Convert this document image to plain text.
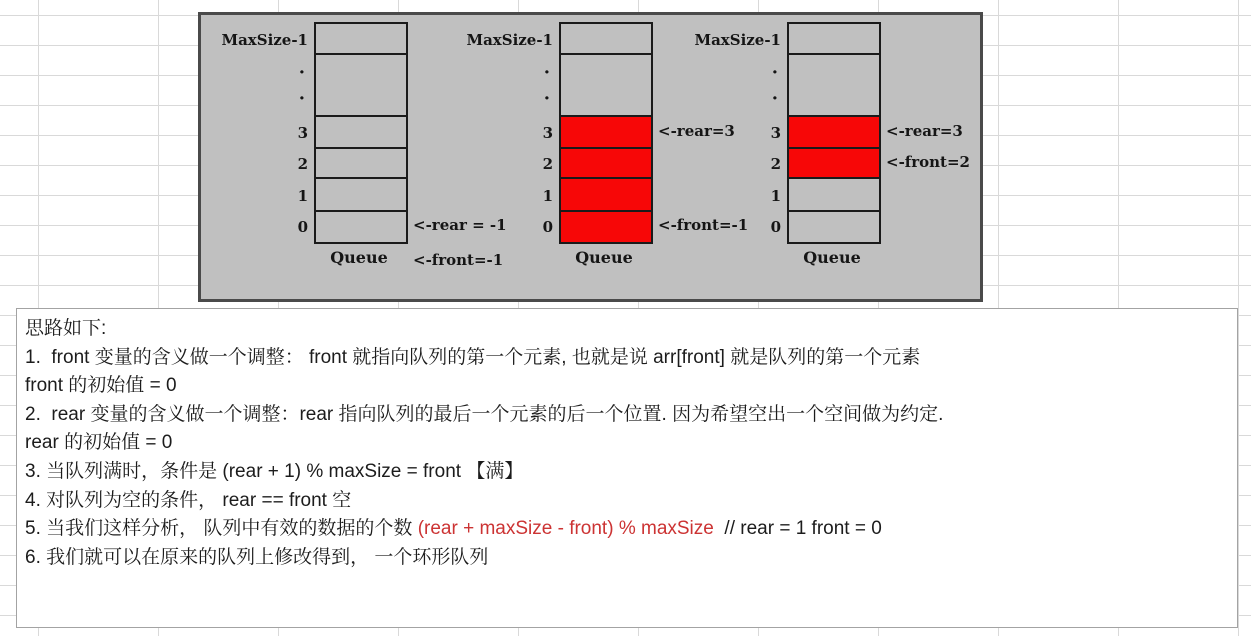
MaxSize-1
·
·
3
2
1
0	<-rear = -1
<-front=-1
Queue
MaxSize-1
·
·
3
2
1
0
<-rear=3
<-front=-1
Queue
MaxSize-1
·
·
3
2
1
0
<-rear=3
<-front=2
Queue
思路如下:
1.  front 变量的含义做一个调整： front 就指向队列的第一个元素, 也就是说 arr[front] 就是队列的第一个元素
front 的初始值 = 0
2.  rear 变量的含义做一个调整：rear 指向队列的最后一个元素的后一个位置. 因为希望空出一个空间做为约定.
rear 的初始值 = 0
3. 当队列满时，条件是 (rear + 1) % maxSize = front 【满】
4. 对队列为空的条件， rear == front 空
5. 当我们这样分析， 队列中有效的数据的个数 (rear + maxSize - front) % maxSize  // rear = 1 front = 0
6. 我们就可以在原来的队列上修改得到， 一个环形队列
